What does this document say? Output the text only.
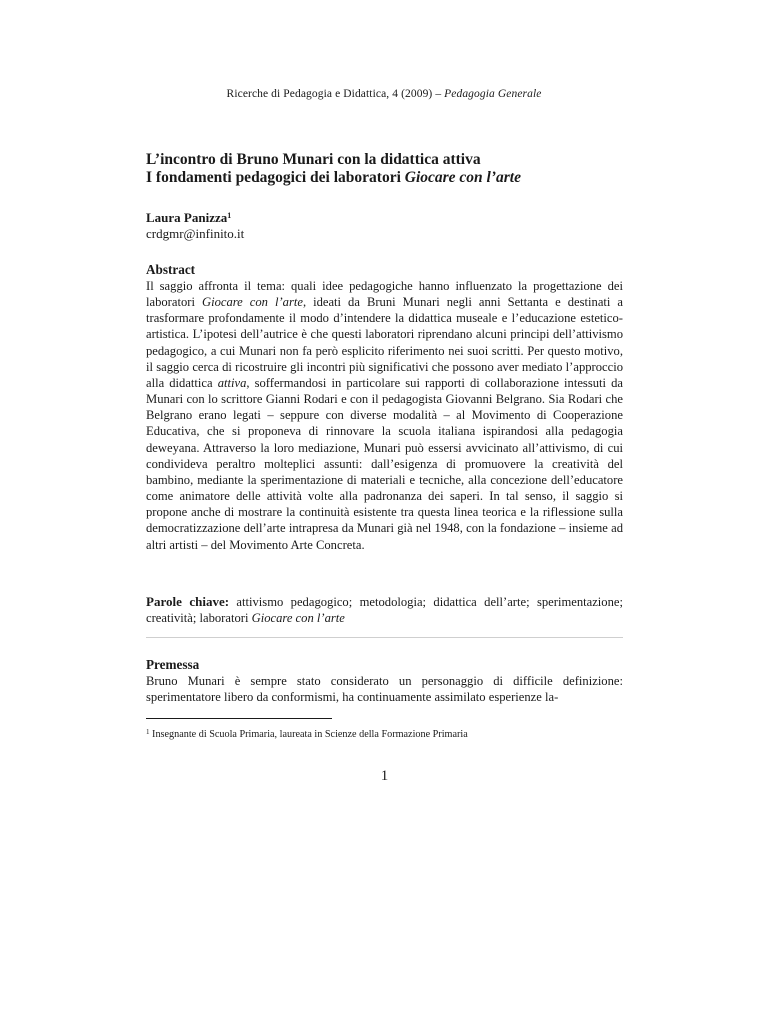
Ricerche di Pedagogia e Didattica, 4 (2009) – Pedagogia Generale
L’incontro di Bruno Munari con la didattica attiva
I fondamenti pedagogici dei laboratori Giocare con l’arte
Laura Panizza$^1$
crdgmr@infinito.it
Abstract
Il saggio affronta il tema: quali idee pedagogiche hanno influenzato la progettazione dei laboratori Giocare con l’arte, ideati da Bruni Munari negli anni Settanta e destinati a trasformare profondamente il modo d’intendere la didattica museale e l’educazione estetico-artistica. L’ipotesi dell’autrice è che questi laboratori riprendano alcuni principi dell’attivismo pedagogico, a cui Munari non fa però esplicito riferimento nei suoi scritti. Per questo motivo, il saggio cerca di ricostruire gli incontri più significativi che possono aver mediato l’approccio alla didattica attiva, soffermandosi in particolare sui rapporti di collaborazione intessuti da Munari con lo scrittore Gianni Rodari e con il pedagogista Giovanni Belgrano. Sia Rodari che Belgrano erano legati – seppure con diverse modalità – al Movimento di Cooperazione Educativa, che si proponeva di rinnovare la scuola italiana ispirandosi alla pedagogia deweyana. Attraverso la loro mediazione, Munari può essersi avvicinato all’attivismo, di cui condivideva peraltro molteplici assunti: dall’esigenza di promuovere la creatività del bambino, mediante la sperimentazione di materiali e tecniche, alla concezione dell’educatore come animatore delle attività volte alla padronanza dei saperi. In tal senso, il saggio si propone anche di mostrare la continuità esistente tra questa linea teorica e la riflessione sulla democratizzazione dell’arte intrapresa da Munari già nel 1948, con la fondazione – insieme ad altri artisti – del Movimento Arte Concreta.
Parole chiave: attivismo pedagogico; metodologia; didattica dell’arte; sperimentazione; creatività; laboratori Giocare con l’arte
Premessa
Bruno Munari è sempre stato considerato un personaggio di difficile definizione: sperimentatore libero da conformismi, ha continuamente assimilato esperienze la-
$^1$ Insegnante di Scuola Primaria, laureata in Scienze della Formazione Primaria
1
